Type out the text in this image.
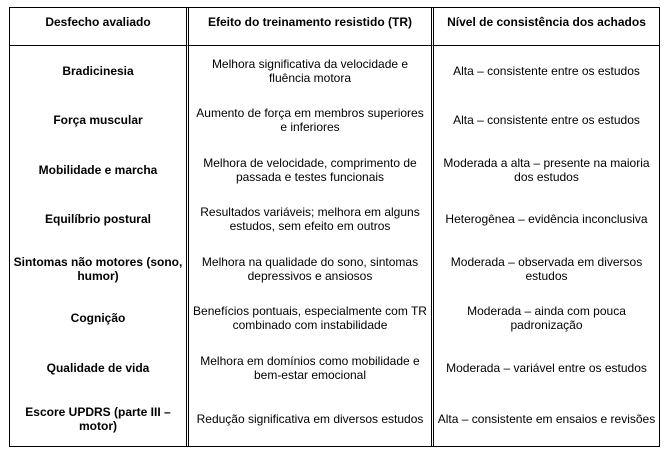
Desfecho avaliado	Efeito do treinamento resistido (TR)	Nível de consistência dos achados
Bradicinesia	Melhora significativa da velocidade e fluência motora	Alta – consistente entre os estudos
Força muscular	Aumento de força em membros superiores e inferiores	Alta – consistente entre os estudos
Mobilidade e marcha	Melhora de velocidade, comprimento de passada e testes funcionais	Moderada a alta – presente na maioria dos estudos
Equilíbrio postural	Resultados variáveis; melhora em alguns estudos, sem efeito em outros	Heterogênea – evidência inconclusiva
Sintomas não motores (sono, humor)	Melhora na qualidade do sono, sintomas depressivos e ansiosos	Moderada – observada em diversos estudos
Cognição	Benefícios pontuais, especialmente com TR combinado com instabilidade	Moderada – ainda com pouca padronização
Qualidade de vida	Melhora em domínios como mobilidade e bem-estar emocional	Moderada – variável entre os estudos
Escore UPDRS (parte III – motor)	Redução significativa em diversos estudos	Alta – consistente em ensaios e revisões
